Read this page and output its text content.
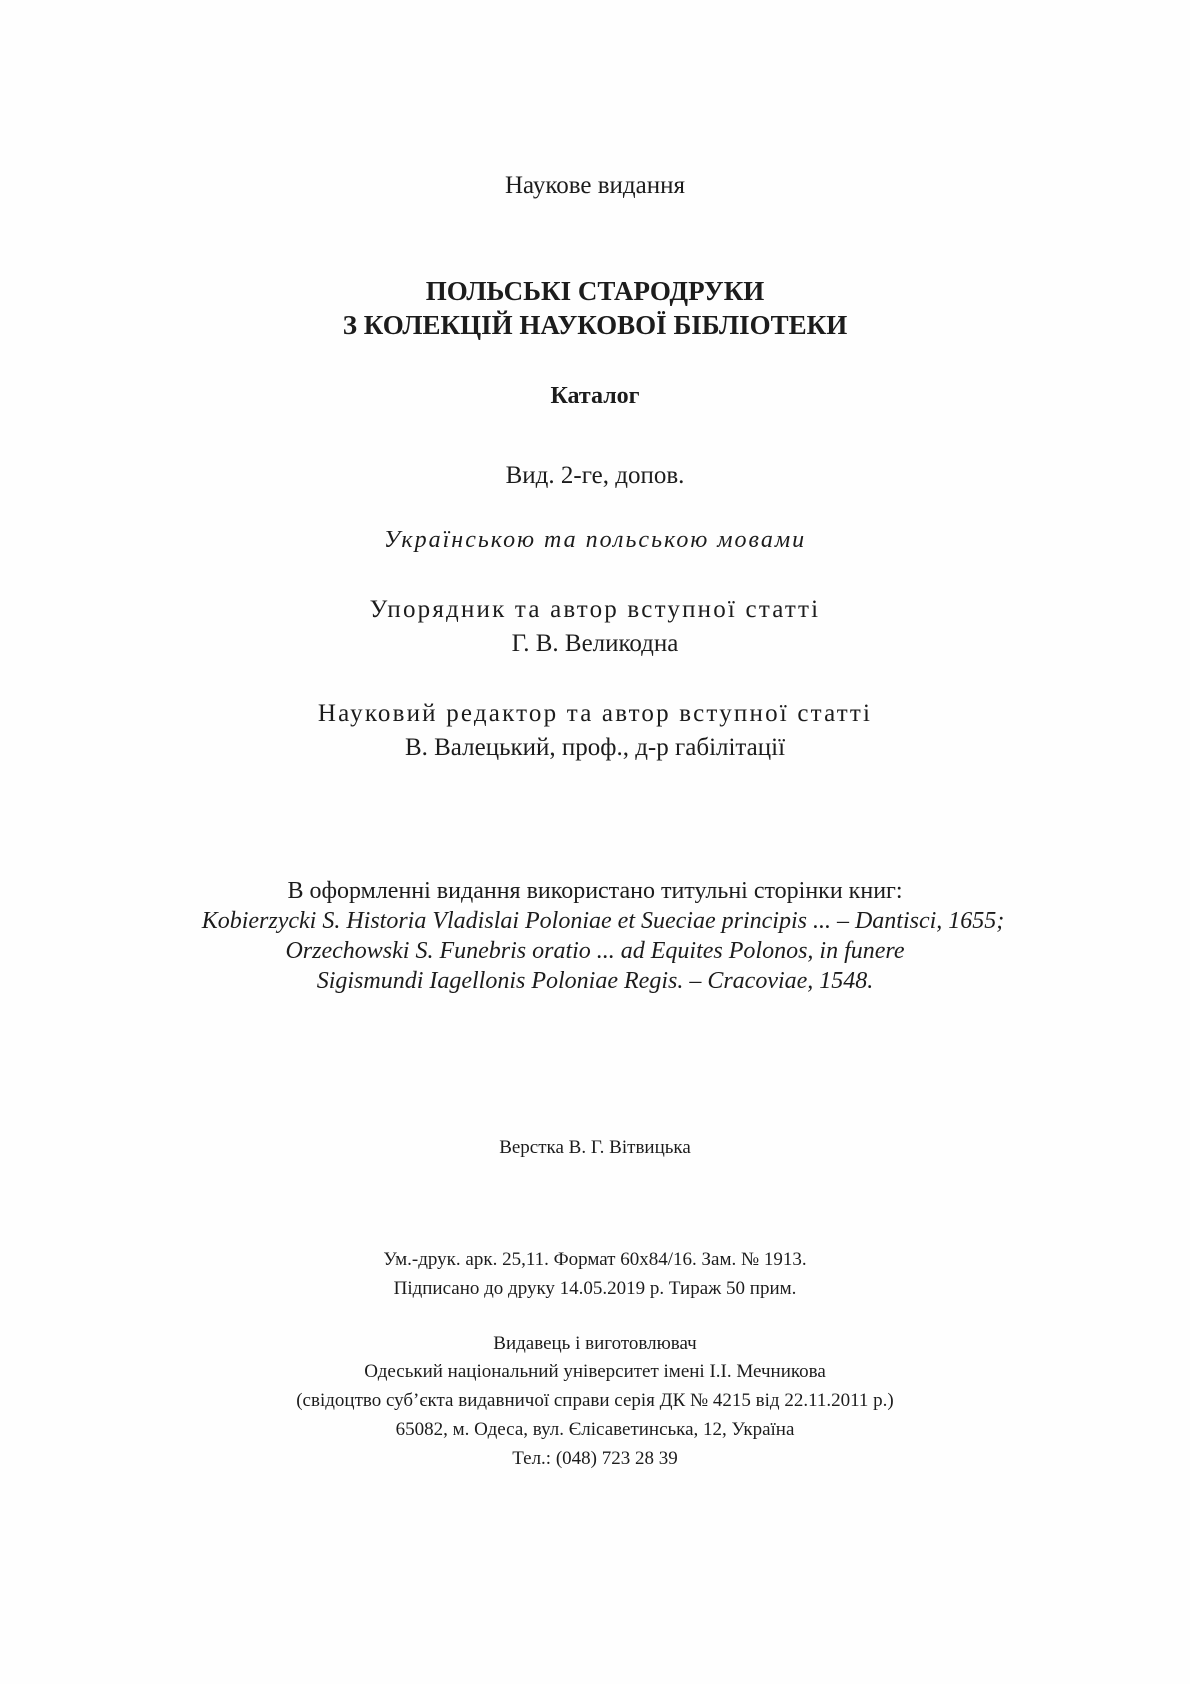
Наукове видання
ПОЛЬСЬКІ СТАРОДРУКИ
З КОЛЕКЦІЙ НАУКОВОЇ БІБЛІОТЕКИ
Каталог
Вид. 2-ге, допов.
Українською та польською мовами
Упорядник та автор вступної статті
Г. В. Великодна
Науковий редактор та автор вступної статті
В. Валецький, проф., д-р габілітації
В оформленні видання використано титульні сторінки книг:
Kobierzycki S. Historia Vladislai Poloniae et Sueciae principis ... – Dantisci, 1655;
Orzechowski S. Funebris oratio ... ad Equites Polonos, in funere
Sigismundi Iagellonis Poloniae Regis. – Cracoviae, 1548.
Верстка В. Г. Вітвицька
Ум.-друк. арк. 25,11. Формат 60х84/16. Зам. № 1913.
Підписано до друку 14.05.2019 р. Тираж 50 прим.
Видавець і виготовлювач
Одеський національний університет імені І.І. Мечникова
(свідоцтво суб’єкта видавничої справи серія ДК № 4215 від 22.11.2011 р.)
65082, м. Одеса, вул. Єлісаветинська, 12, Україна
Тел.: (048) 723 28 39
